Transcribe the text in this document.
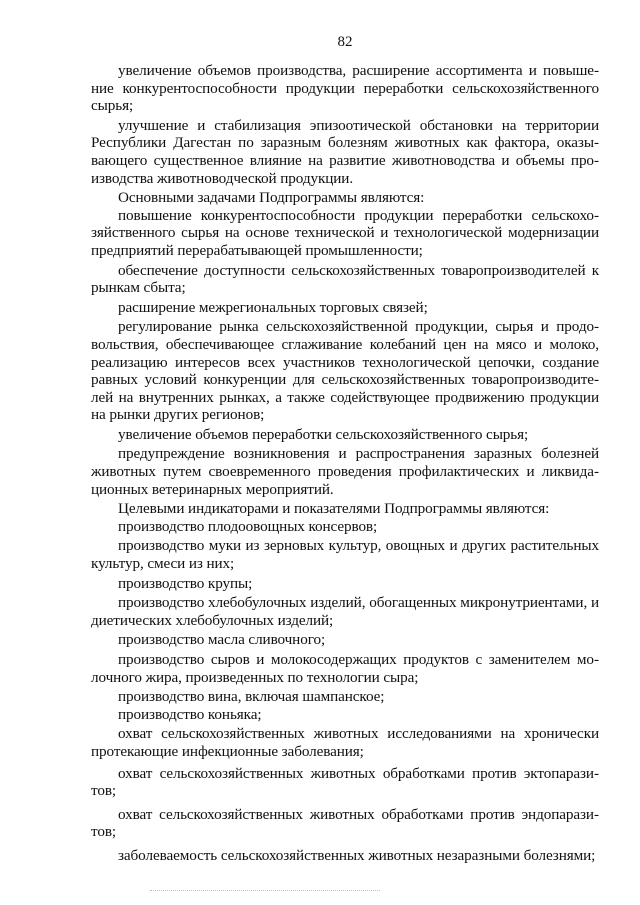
82

увеличение объемов производства, расширение ассортимента и повышение конкурентоспособности продукции переработки сельскохозяйственного сырья;

улучшение и стабилизация эпизоотической обстановки на территории Республики Дагестан по заразным болезням животных как фактора, оказывающего существенное влияние на развитие животноводства и объемы производства животноводческой продукции.

Основными задачами Подпрограммы являются:

повышение конкурентоспособности продукции переработки сельскохозяйственного сырья на основе технической и технологической модернизации предприятий перерабатывающей промышленности;

обеспечение доступности сельскохозяйственных товаропроизводителей к рынкам сбыта;

расширение межрегиональных торговых связей;

регулирование рынка сельскохозяйственной продукции, сырья и продовольствия, обеспечивающее сглаживание колебаний цен на мясо и молоко, реализацию интересов всех участников технологической цепочки, создание равных условий конкуренции для сельскохозяйственных товаропроизводителей на внутренних рынках, а также содействующее продвижению продукции на рынки других регионов;

увеличение объемов переработки сельскохозяйственного сырья;

предупреждение возникновения и распространения заразных болезней животных путем своевременного проведения профилактических и ликвидационных ветеринарных мероприятий.

Целевыми индикаторами и показателями Подпрограммы являются:

производство плодоовощных консервов;

производство муки из зерновых культур, овощных и других растительных культур, смеси из них;

производство крупы;

производство хлебобулочных изделий, обогащенных микронутриентами, и диетических хлебобулочных изделий;

производство масла сливочного;

производство сыров и молокосодержащих продуктов с заменителем молочного жира, произведенных по технологии сыра;

производство вина, включая шампанское;

производство коньяка;

охват сельскохозяйственных животных исследованиями на хронически протекающие инфекционные заболевания;

охват сельскохозяйственных животных обработками против эктопаразитов;

охват сельскохозяйственных животных обработками против эндопаразитов;

заболеваемость сельскохозяйственных животных незаразными болезнями;
